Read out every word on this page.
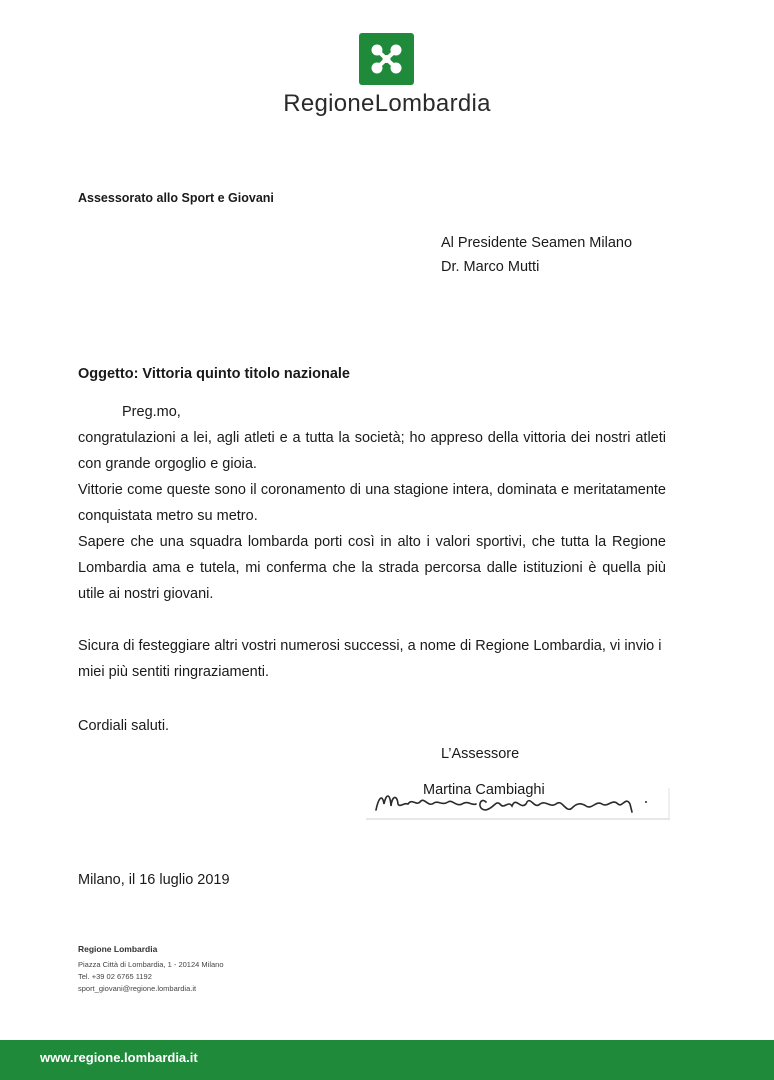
RegioneLombardia
Assessorato allo Sport e Giovani
Al Presidente Seamen Milano
Dr. Marco Mutti
Oggetto: Vittoria quinto titolo nazionale

Preg.mo,

congratulazioni a lei, agli atleti e a tutta la società; ho appreso della vittoria dei nostri atleti con grande orgoglio e gioia.

Vittorie come queste sono il coronamento di una stagione intera, dominata e meritatamente conquistata metro su metro.

Sapere che una squadra lombarda porti così in alto i valori sportivi, che tutta la Regione Lombardia ama e tutela, mi conferma che la strada percorsa dalle istituzioni è quella più utile ai nostri giovani.

Sicura di festeggiare altri vostri numerosi successi, a nome di Regione Lombardia, vi invio i miei più sentiti ringraziamenti.

Cordiali saluti.
L’Assessore
Martina Cambiaghi
Milano, il 16 luglio 2019
Regione Lombardia
Piazza Città di Lombardia, 1 - 20124 Milano
Tel. +39 02 6765 1192
sport_giovani@regione.lombardia.it
www.regione.lombardia.it
